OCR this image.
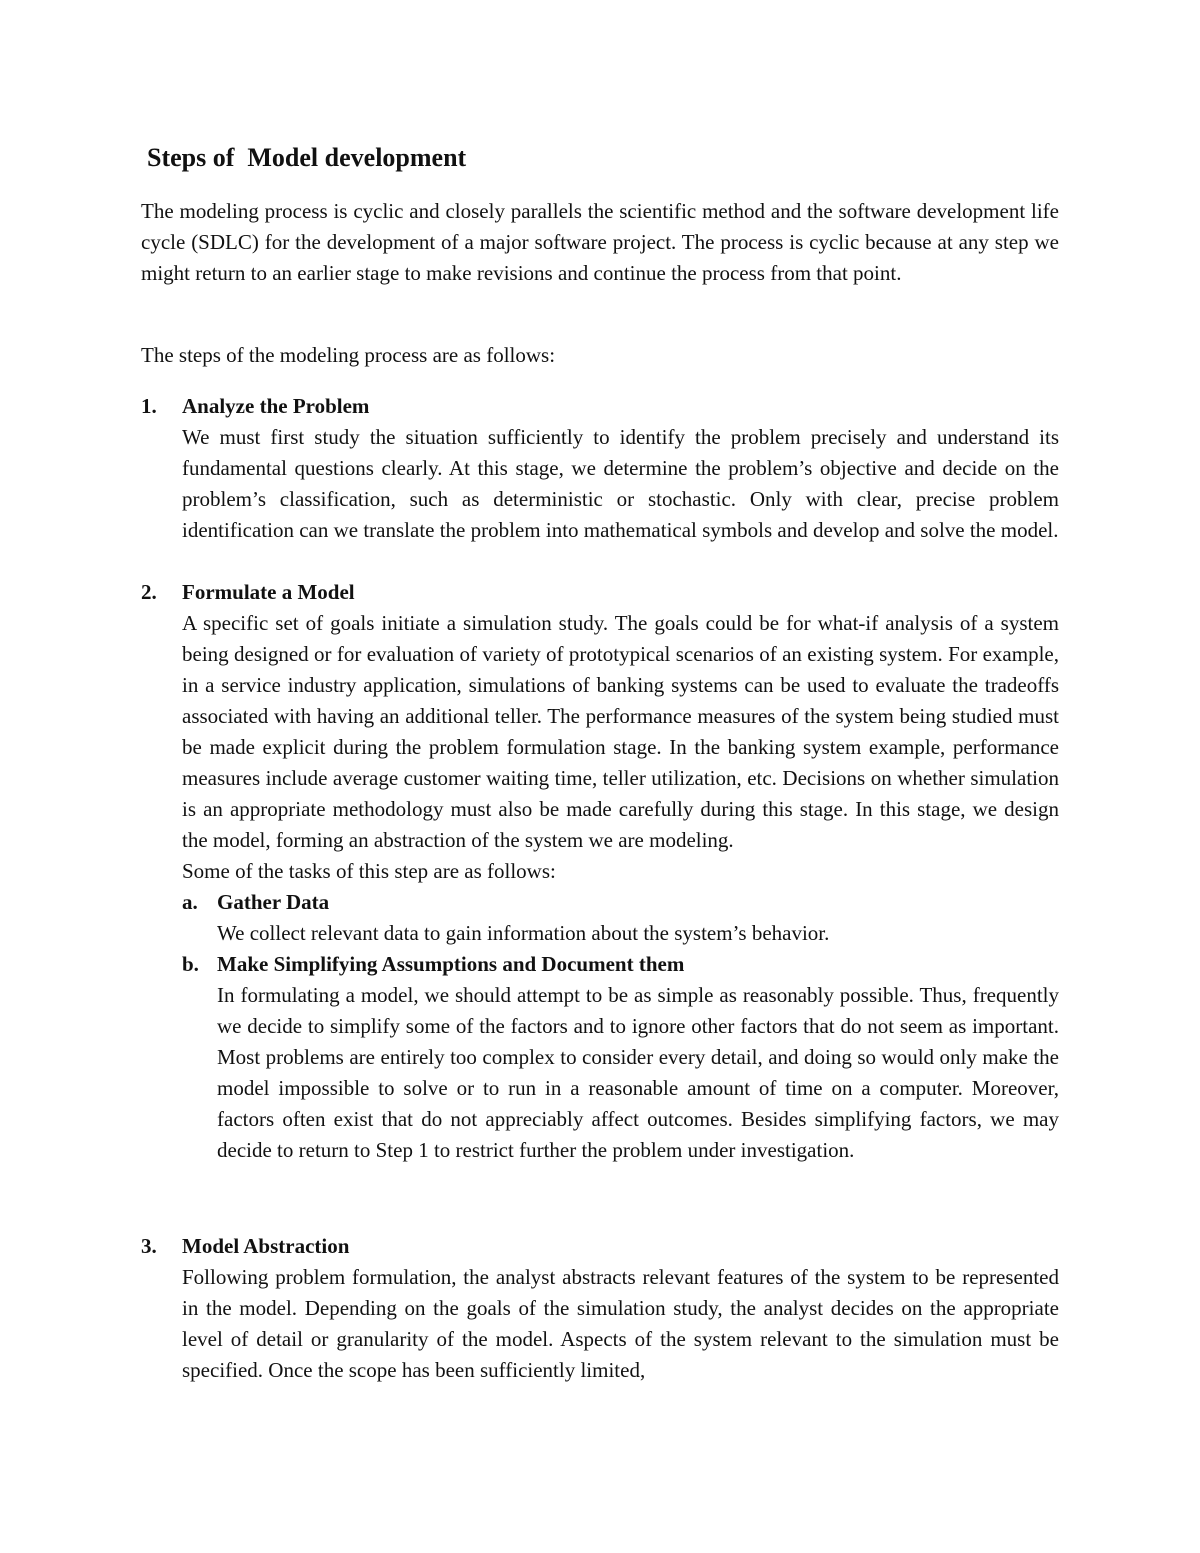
Steps of  Model development

The modeling process is cyclic and closely parallels the scientific method and the software development life cycle (SDLC) for the development of a major software project. The process is cyclic because at any step we might return to an earlier stage to make revisions and continue the process from that point.

The steps of the modeling process are as follows:

1. Analyze the Problem
We must first study the situation sufficiently to identify the problem precisely and understand its fundamental questions clearly. At this stage, we determine the problem’s objective and decide on the problem’s classification, such as deterministic or stochastic. Only with clear, precise problem identification can we translate the problem into mathematical symbols and develop and solve the model.
2. Formulate a Model
A specific set of goals initiate a simulation study. The goals could be for what-if analysis of a system being designed or for evaluation of variety of prototypical scenarios of an existing system. For example, in a service industry application, simulations of banking systems can be used to evaluate the tradeoffs associated with having an additional teller. The performance measures of the system being studied must be made explicit during the problem formulation stage. In the banking system example, performance measures include average customer waiting time, teller utilization, etc. Decisions on whether simulation is an appropriate methodology must also be made carefully during this stage. In this stage, we design the model, forming an abstraction of the system we are modeling.
Some of the tasks of this step are as follows:
a. Gather Data
We collect relevant data to gain information about the system’s behavior.
b. Make Simplifying Assumptions and Document them
In formulating a model, we should attempt to be as simple as reasonably possible. Thus, frequently we decide to simplify some of the factors and to ignore other factors that do not seem as important. Most problems are entirely too complex to consider every detail, and doing so would only make the model impossible to solve or to run in a reasonable amount of time on a computer. Moreover, factors often exist that do not appreciably affect outcomes. Besides simplifying factors, we may decide to return to Step 1 to restrict further the problem under investigation.
3. Model Abstraction
Following problem formulation, the analyst abstracts relevant features of the system to be represented in the model. Depending on the goals of the simulation study, the analyst decides on the appropriate level of detail or granularity of the model. Aspects of the system relevant to the simulation must be specified. Once the scope has been sufficiently limited,
